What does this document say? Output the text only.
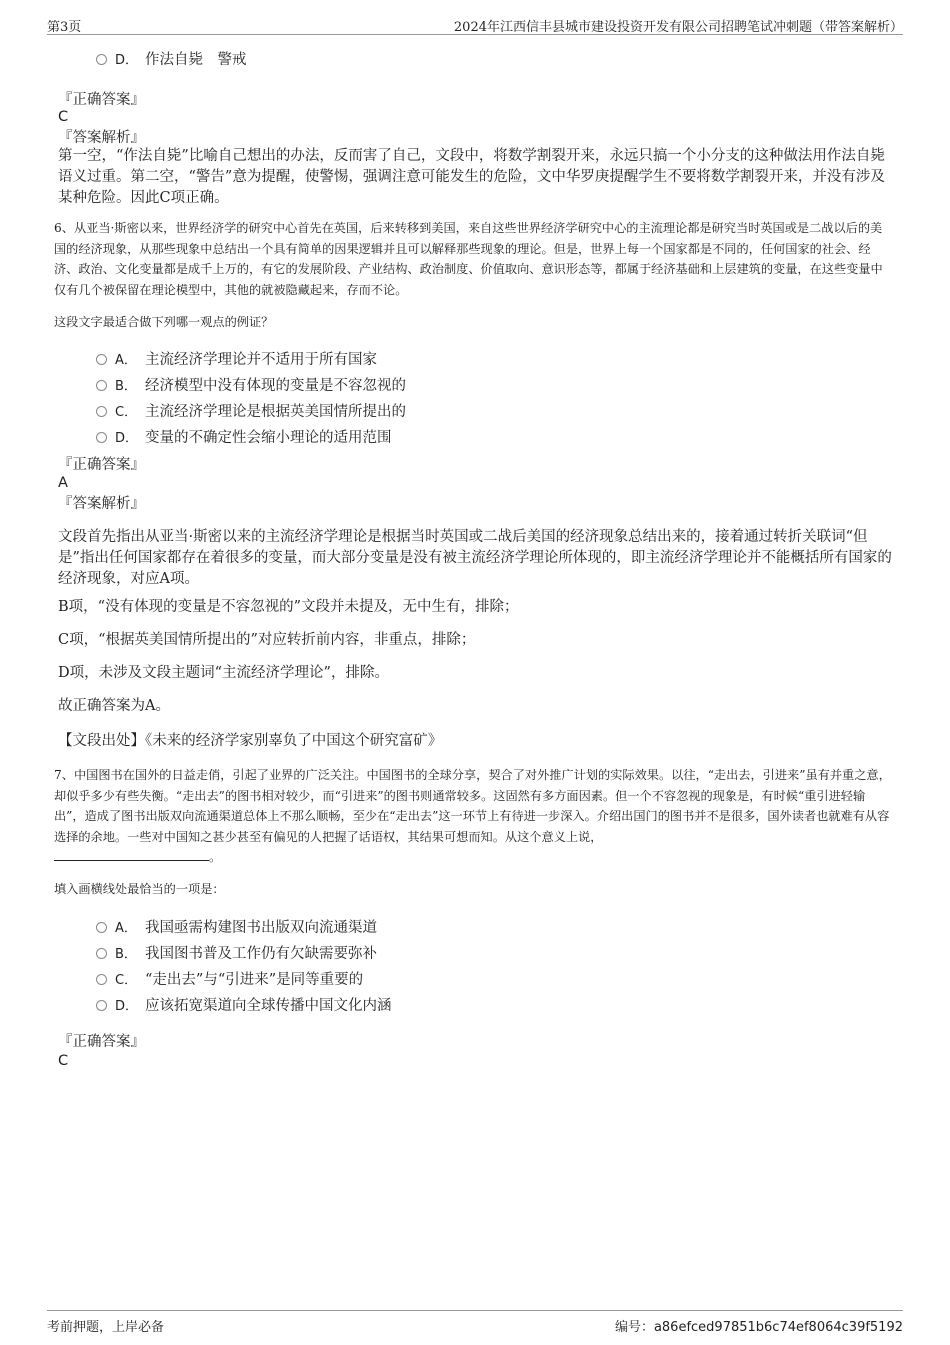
第3页	2024年江西信丰县城市建设投资开发有限公司招聘笔试冲刺题（带答案解析）
D． 作法自毙　警戒
『正确答案』
C
『答案解析』
第一空，“作法自毙”比喻自己想出的办法，反而害了自己，文段中，将数学割裂开来，永远只搞一个小分支的这种做法用作法自毙语义过重。第二空，“警告”意为提醒，使警惕，强调注意可能发生的危险，文中华罗庚提醒学生不要将数学割裂开来，并没有涉及某种危险。因此C项正确。
6、从亚当·斯密以来，世界经济学的研究中心首先在英国，后来转移到美国，来自这些世界经济学研究中心的主流理论都是研究当时英国或是二战以后的美国的经济现象，从那些现象中总结出一个具有简单的因果逻辑并且可以解释那些现象的理论。但是，世界上每一个国家都是不同的，任何国家的社会、经济、政治、文化变量都是成千上万的，有它的发展阶段、产业结构、政治制度、价值取向、意识形态等，都属于经济基础和上层建筑的变量，在这些变量中仅有几个被保留在理论模型中，其他的就被隐藏起来，存而不论。
这段文字最适合做下列哪一观点的例证？
A． 主流经济学理论并不适用于所有国家
B． 经济模型中没有体现的变量是不容忽视的
C． 主流经济学理论是根据英美国情所提出的
D． 变量的不确定性会缩小理论的适用范围
『正确答案』
A
『答案解析』
文段首先指出从亚当·斯密以来的主流经济学理论是根据当时英国或二战后美国的经济现象总结出来的，接着通过转折关联词“但是”指出任何国家都存在着很多的变量，而大部分变量是没有被主流经济学理论所体现的，即主流经济学理论并不能概括所有国家的经济现象，对应A项。
B项，“没有体现的变量是不容忽视的”文段并未提及，无中生有，排除；
C项，“根据英美国情所提出的”对应转折前内容，非重点，排除；
D项，未涉及文段主题词“主流经济学理论”，排除。
故正确答案为A。
【文段出处】《未来的经济学家别辜负了中国这个研究富矿》
7、中国图书在国外的日益走俏，引起了业界的广泛关注。中国图书的全球分享，契合了对外推广计划的实际效果。以往，“走出去，引进来”虽有并重之意，却似乎多少有些失衡。“走出去”的图书相对较少，而“引进来”的图书则通常较多。这固然有多方面因素。但一个不容忽视的现象是，有时候“重引进轻输出”，造成了图书出版双向流通渠道总体上不那么顺畅，至少在“走出去”这一环节上有待进一步深入。介绍出国门的图书并不是很多，国外读者也就难有从容选择的余地。一些对中国知之甚少甚至有偏见的人把握了话语权，其结果可想而知。从这个意义上说，
。
填入画横线处最恰当的一项是：
A． 我国亟需构建图书出版双向流通渠道
B． 我国图书普及工作仍有欠缺需要弥补
C． “走出去”与“引进来”是同等重要的
D． 应该拓宽渠道向全球传播中国文化内涵
『正确答案』
C
考前押题，上岸必备	编号：a86efced97851b6c74ef8064c39f5192
